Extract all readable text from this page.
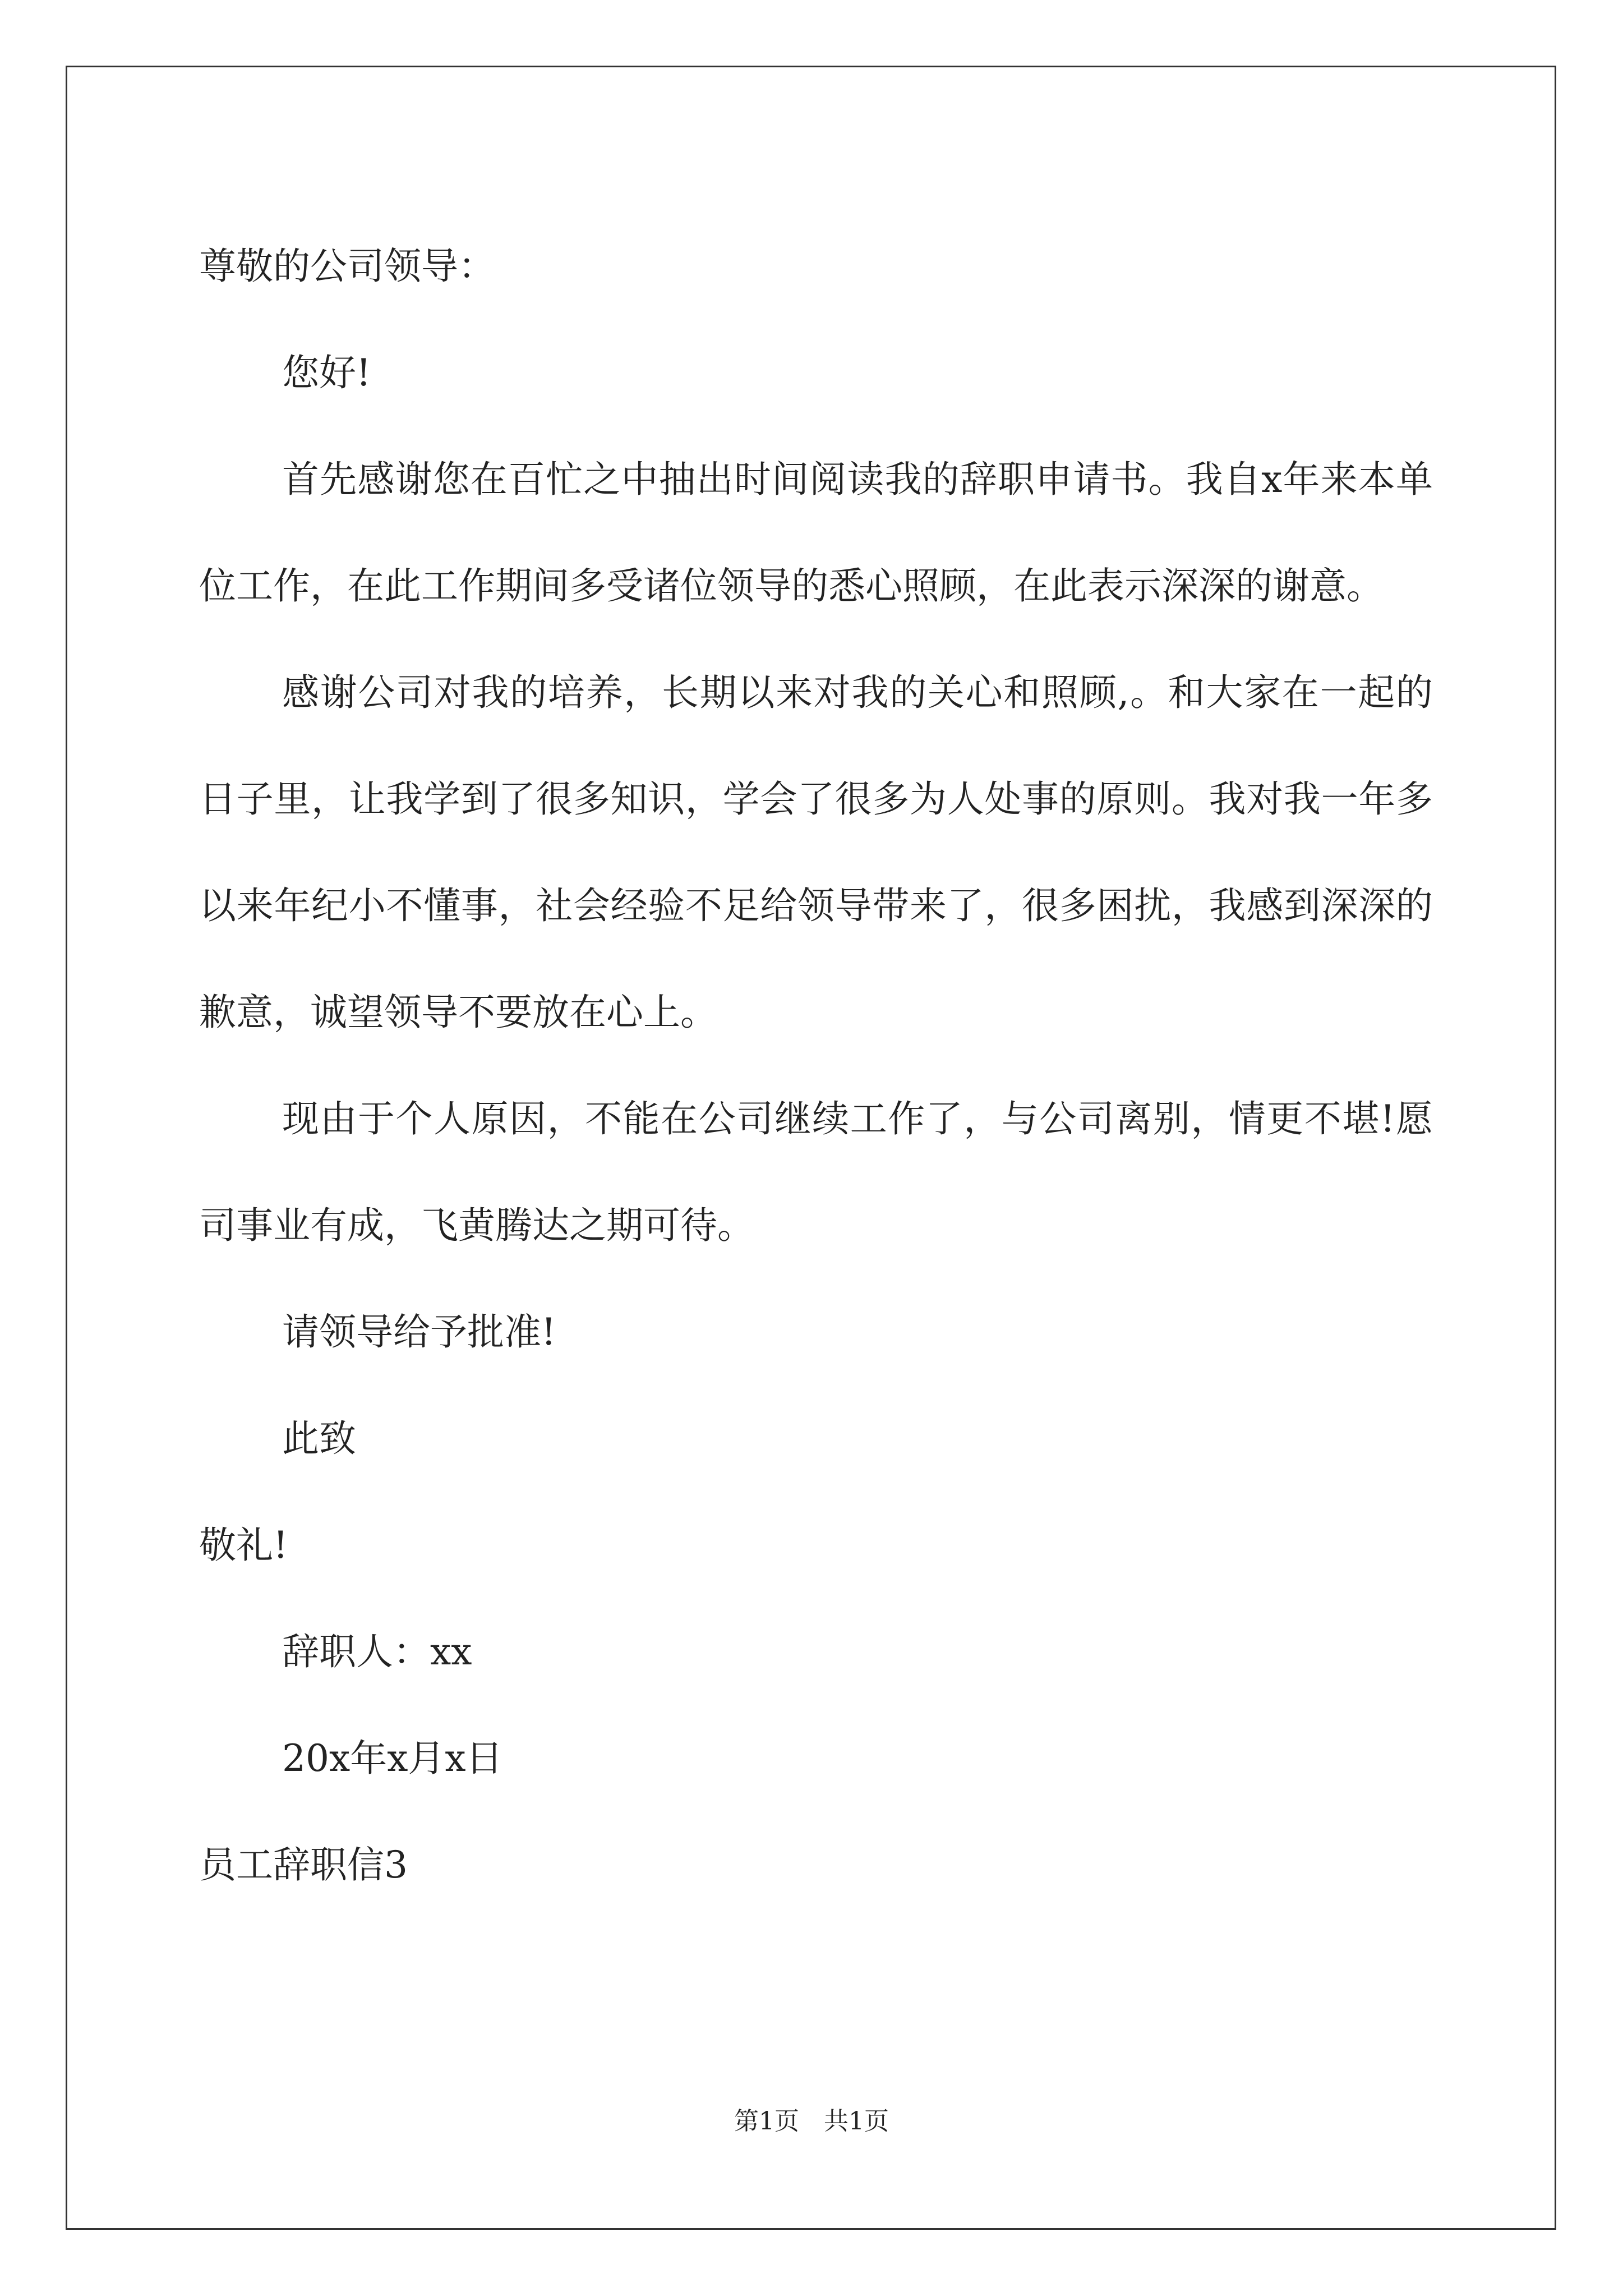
尊敬的公司领导：

您好!

首先感谢您在百忙之中抽出时间阅读我的辞职申请书。我自x年来本单位工作，在此工作期间多受诸位领导的悉心照顾，在此表示深深的谢意。

感谢公司对我的培养，长期以来对我的关心和照顾,。和大家在一起的日子里，让我学到了很多知识，学会了很多为人处事的原则。我对我一年多以来年纪小不懂事，社会经验不足给领导带来了，很多困扰，我感到深深的歉意，诚望领导不要放在心上。

现由于个人原因，不能在公司继续工作了，与公司离别，情更不堪!愿司事业有成，飞黄腾达之期可待。

请领导给予批准!

此致

敬礼!

辞职人：xx

20x年x月x日

员工辞职信3

第1页　共1页
